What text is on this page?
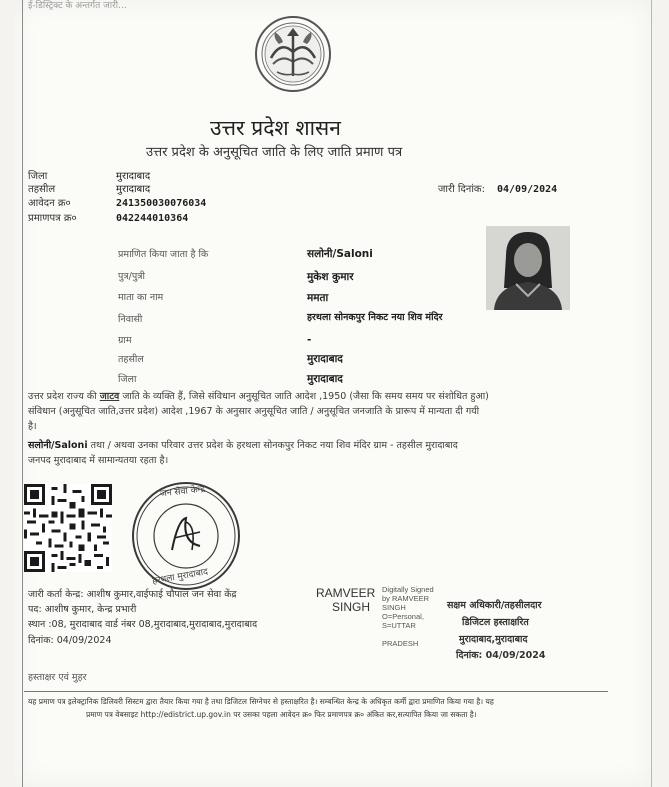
ई-डिस्ट्रिक्ट के अन्तर्गत जारी...
उत्तर प्रदेश शासन
उत्तर प्रदेश के अनुसूचित जाति के लिए जाति प्रमाण पत्र
जिला	मुरादाबाद
तहसील	मुरादाबाद
आवेदन क्र०	241350030076034
प्रमाणपत्र क्र०	042244010364
जारी दिनांक: 04/09/2024
प्रमाणित किया जाता है कि	सलोनी/Saloni
पुत्र/पुत्री	मुकेश कुमार
माता का नाम	ममता
निवासी	हरथला सोनकपुर निकट नया शिव मंदिर
ग्राम	-
तहसील	मुरादाबाद
जिला	मुरादाबाद
उत्तर प्रदेश राज्य की जाटव जाति के व्यक्ति हैं, जिसे संविधान अनुसूचित जाति आदेश ,1950 (जैसा कि समय समय पर संशोधित हुआ)
संविधान (अनुसूचित जाति,उत्तर प्रदेश) आदेश ,1967 के अनुसार अनुसूचित जाति / अनुसूचित जनजाति के प्रारूप में मान्यता दी गयी
है।
सलोनी/Saloni तथा / अथवा उनका परिवार उत्तर प्रदेश के हरथला सोनकपुर निकट नया शिव मंदिर ग्राम - तहसील मुरादाबाद
जनपद मुरादाबाद में सामान्यतया रहता है।
जन सेवा केन्द्र
हरथला मुरादाबाद
जारी कर्ता केन्द्र: आशीष कुमार,वाईफाई चौपाल जन सेवा केंद्र
पद: आशीष कुमार, केन्द्र प्रभारी
स्थान :08, मुरादाबाद वार्ड नंबर 08,मुरादाबाद,मुरादाबाद,मुरादाबाद
दिनांक: 04/09/2024
RAMVEER
SINGH
Digitally Signed
by RAMVEER
SINGH
O=Personal,
S=UTTAR
PRADESH
सक्षम अधिकारी/तहसीलदार
डिजिटल हस्ताक्षरित
मुरादाबाद,मुरादाबाद
दिनांक: 04/09/2024
हस्ताक्षर एवं मुहर
यह प्रमाण पत्र इलेक्ट्रानिक डिलिवरी सिस्टम द्वारा तैयार किया गया है तथा डिजिटल सिग्नेचर से हस्ताक्षरित है। सम्बन्धित केन्द्र के अधिकृत कर्मी द्वारा प्रमाणित किया गया है। यह
प्रमाण पत्र वेबसाइट http://edistrict.up.gov.in पर उसका पहला आवेदन क्र० फिर प्रमाणपत्र क्र० अंकित कर,सत्यापित किया जा सकता है।
